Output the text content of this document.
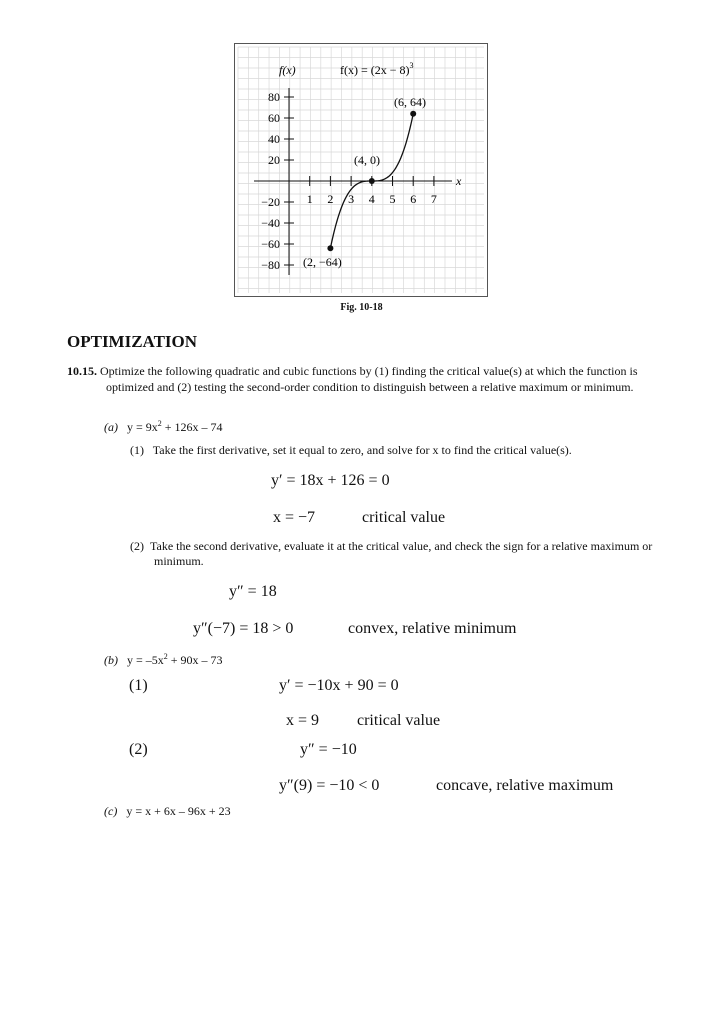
1 2 3 4 5 6 7
80
60
40
20
−20
−40
−60
−80
f(x)	$f(x) = (2x - 8)^3$
x
(6, 64)
(4, 0)
(2, −64)
Fig. 10-18
OPTIMIZATION
10.15. Optimize the following quadratic and cubic functions by (1) finding the critical value(s) at which the function is optimized and (2) testing the second-order condition to distinguish between a relative maximum or minimum.
(a) $y = 9x^2 + 126x - 74$
(1) Take the first derivative, set it equal to zero, and solve for x to find the critical value(s).
y′ = 18x + 126 = 0
x = −7	critical value
(2) Take the second derivative, evaluate it at the critical value, and check the sign for a relative maximum or minimum.
y″ = 18
y″(−7) = 18 > 0	convex, relative minimum
(b) $y = -5x^2 + 90x - 73$
(1)	y′ = −10x + 90 = 0
x = 9 critical value
(2)	y″ = −10
y″(9) = −10 < 0	concave, relative maximum
(c) y = x + 6x – 96x + 23
